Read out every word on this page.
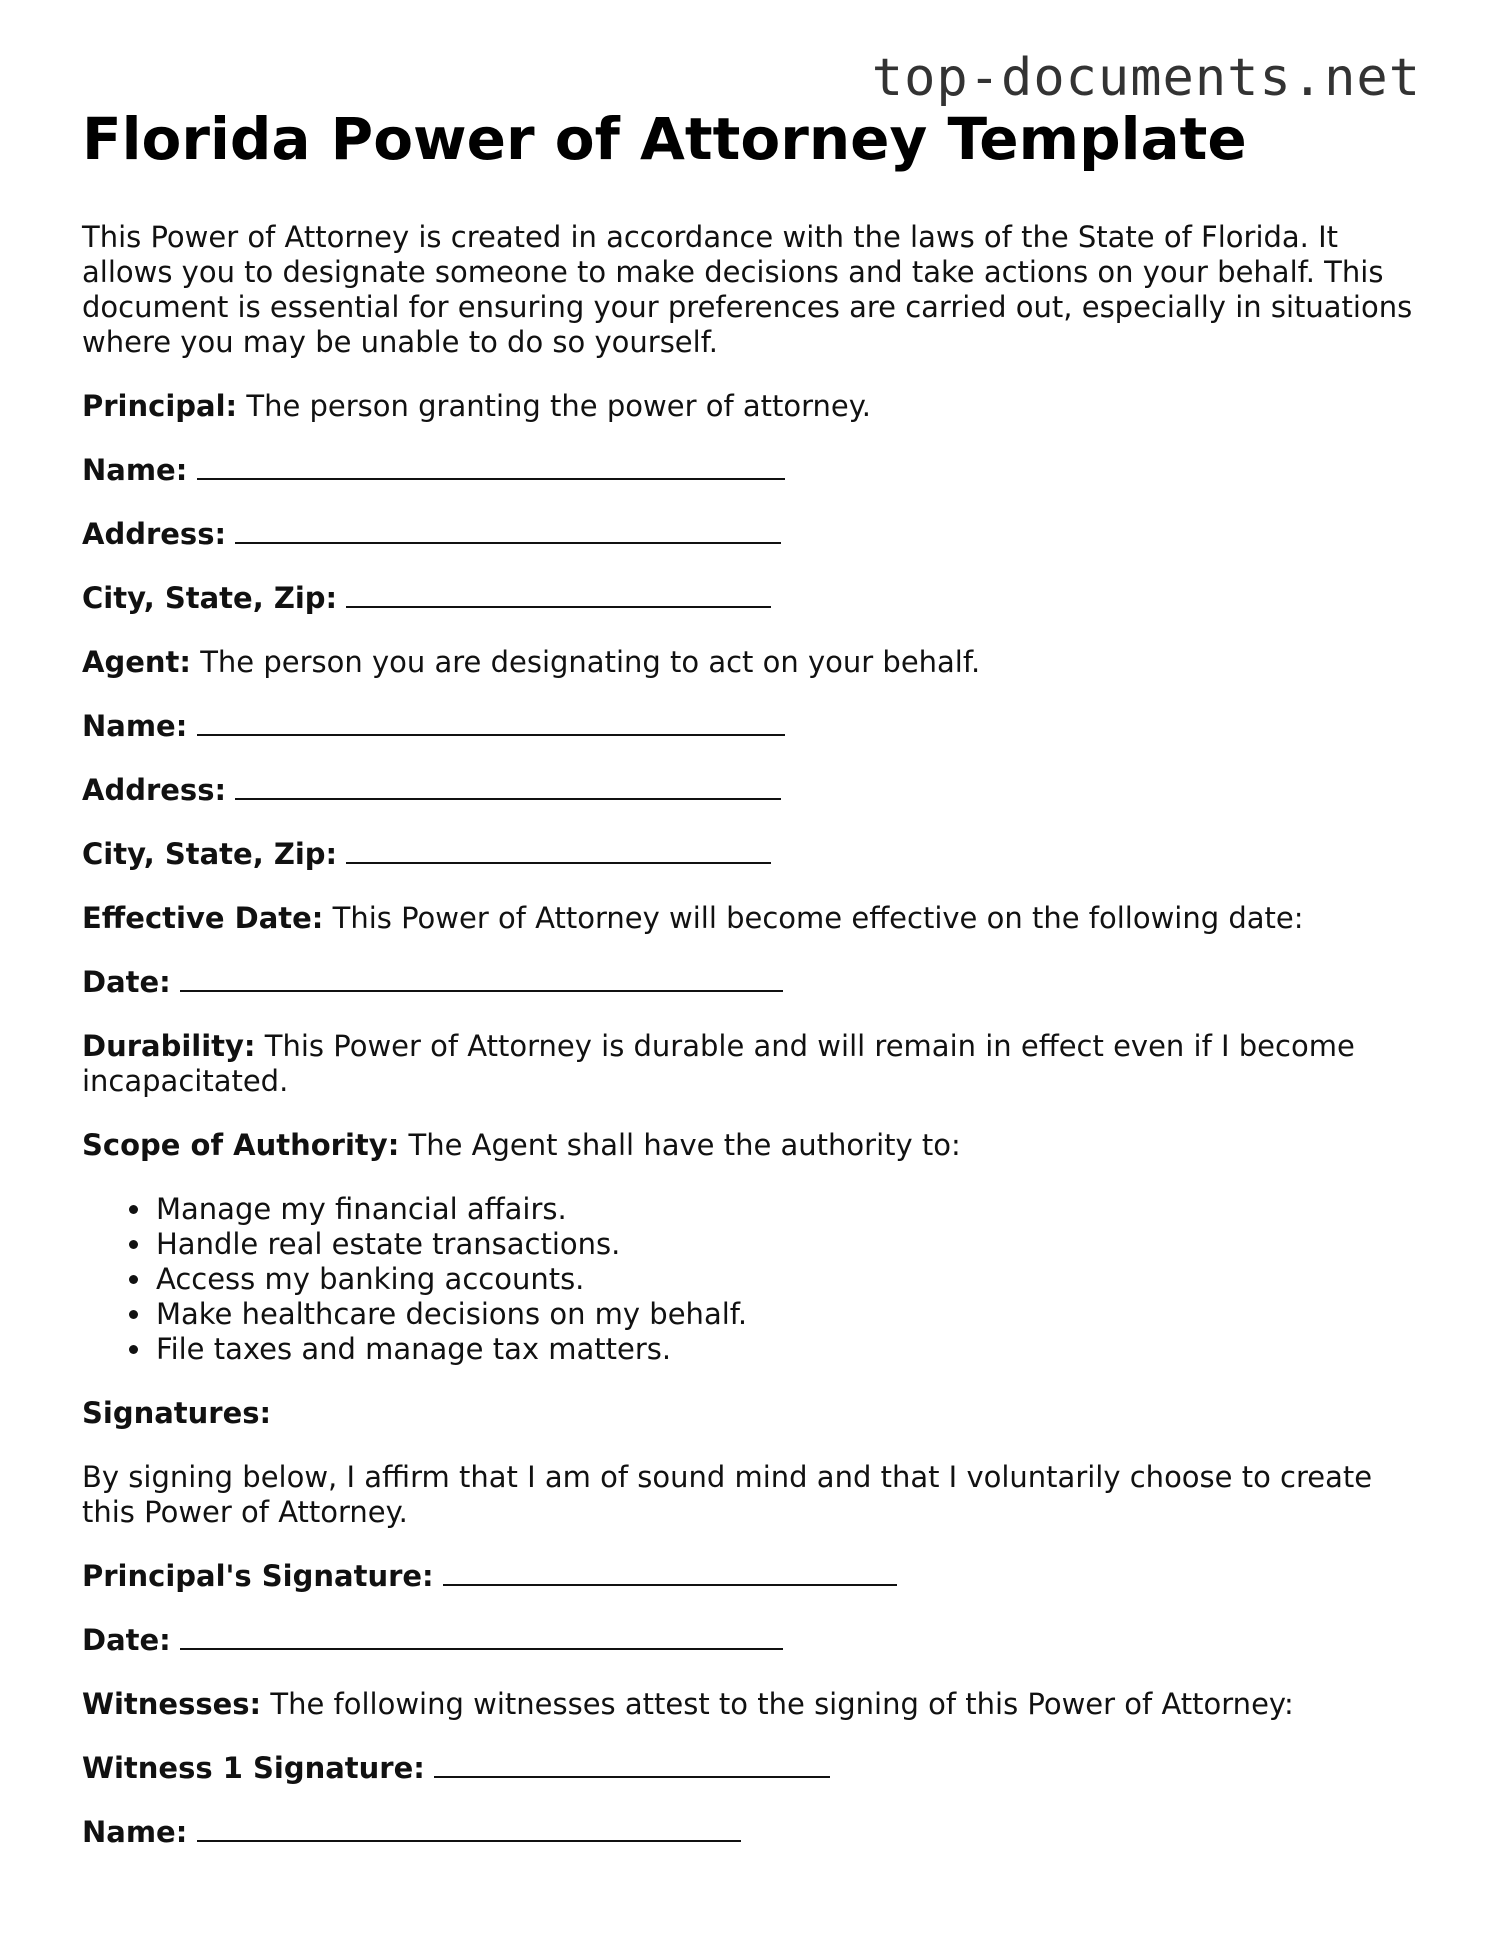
top-documents.net
Florida Power of Attorney Template

This Power of Attorney is created in accordance with the laws of the State of Florida. It allows you to designate someone to make decisions and take actions on your behalf. This document is essential for ensuring your preferences are carried out, especially in situations where you may be unable to do so yourself.

Principal: The person granting the power of attorney.

Name:

Address:

City, State, Zip:

Agent: The person you are designating to act on your behalf.

Name:

Address:

City, State, Zip:

Effective Date: This Power of Attorney will become effective on the following date:

Date:

Durability: This Power of Attorney is durable and will remain in effect even if I become incapacitated.

Scope of Authority: The Agent shall have the authority to:

• Manage my financial affairs.
• Handle real estate transactions.
• Access my banking accounts.
• Make healthcare decisions on my behalf.
• File taxes and manage tax matters.

Signatures:

By signing below, I affirm that I am of sound mind and that I voluntarily choose to create this Power of Attorney.

Principal's Signature:

Date:

Witnesses: The following witnesses attest to the signing of this Power of Attorney:

Witness 1 Signature:

Name:
